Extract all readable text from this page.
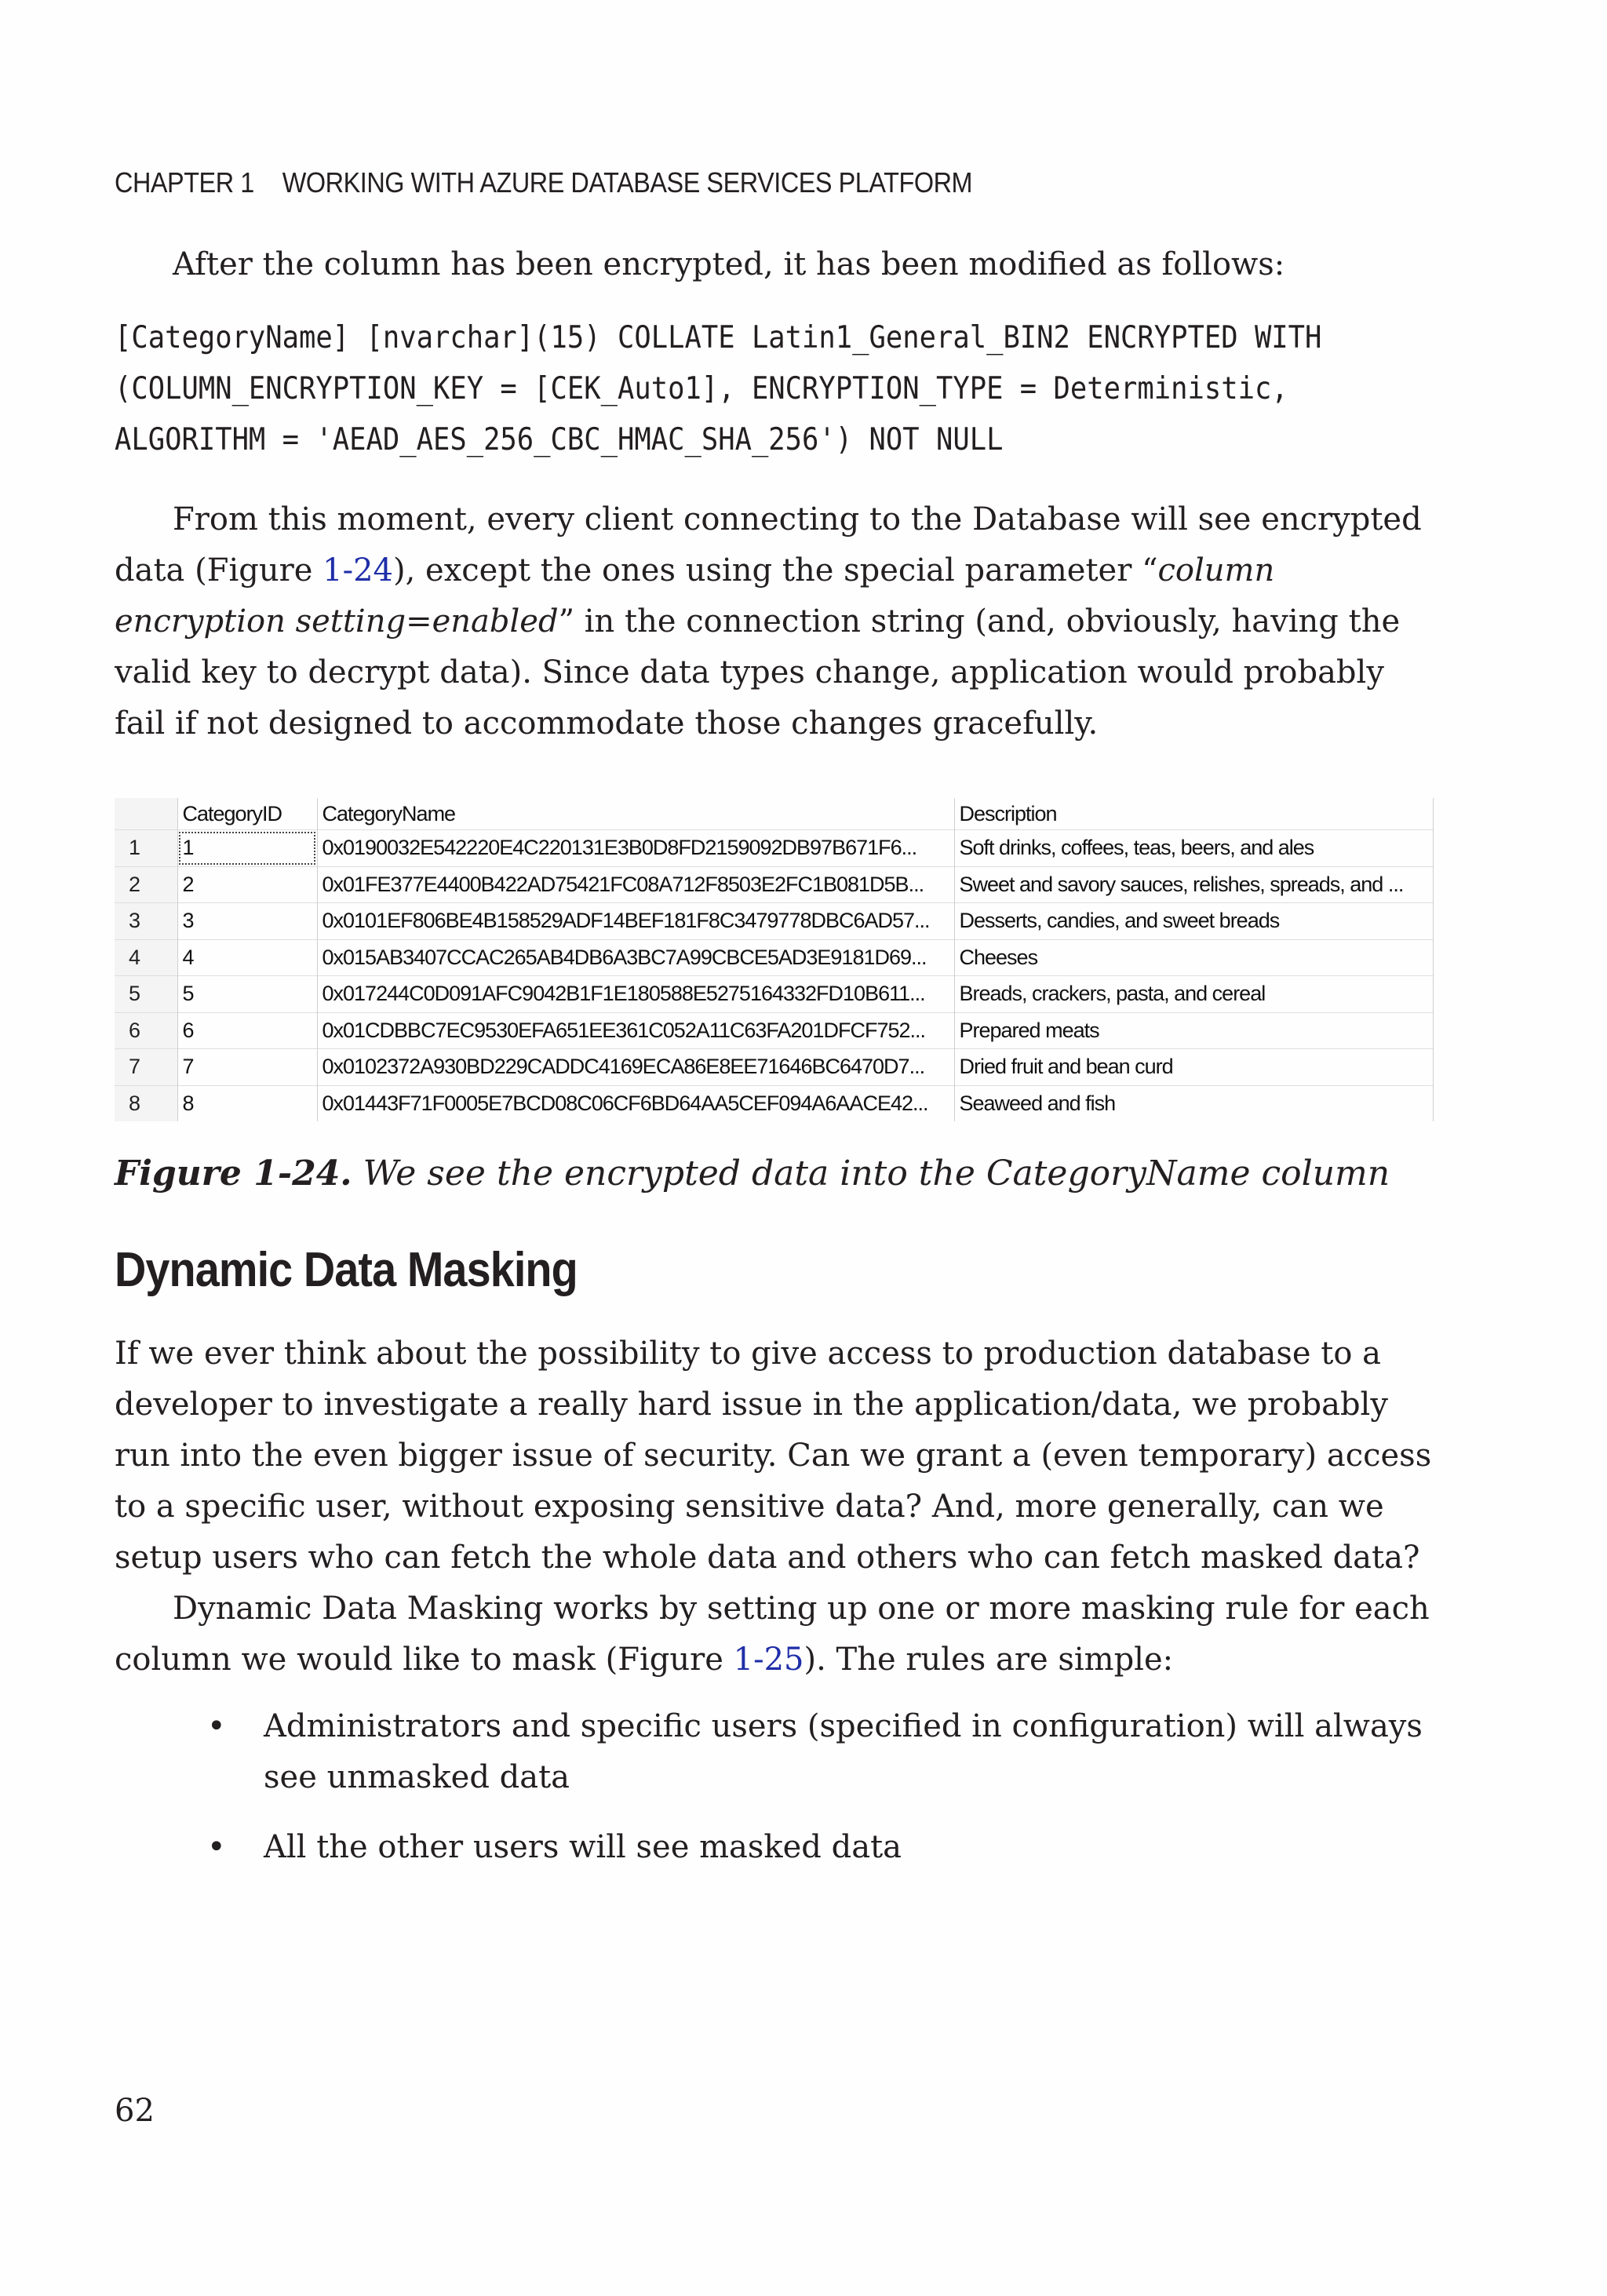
CHAPTER 1 WORKING WITH AZURE DATABASE SERVICES PLATFORM

After the column has been encrypted, it has been modified as follows:

[CategoryName] [nvarchar](15) COLLATE Latin1_General_BIN2 ENCRYPTED WITH
(COLUMN_ENCRYPTION_KEY = [CEK_Auto1], ENCRYPTION_TYPE = Deterministic,
ALGORITHM = 'AEAD_AES_256_CBC_HMAC_SHA_256') NOT NULL

From this moment, every client connecting to the Database will see encrypted data (Figure 1-24), except the ones using the special parameter “column encryption setting=enabled” in the connection string (and, obviously, having the valid key to decrypt data). Since data types change, application would probably fail if not designed to accommodate those changes gracefully.

	CategoryID	CategoryName	Description
1	1	0x0190032E542220E4C220131E3B0D8FD2159092DB97B671F6...	Soft drinks, coffees, teas, beers, and ales
2	2	0x01FE377E4400B422AD75421FC08A712F8503E2FC1B081D5B...	Sweet and savory sauces, relishes, spreads, and ...
3	3	0x0101EF806BE4B158529ADF14BEF181F8C3479778DBC6AD57...	Desserts, candies, and sweet breads
4	4	0x015AB3407CCAC265AB4DB6A3BC7A99CBCE5AD3E9181D69...	Cheeses
5	5	0x017244C0D091AFC9042B1F1E180588E5275164332FD10B611...	Breads, crackers, pasta, and cereal
6	6	0x01CDBBC7EC9530EFA651EE361C052A11C63FA201DFCF752...	Prepared meats
7	7	0x0102372A930BD229CADDC4169ECA86E8EE71646BC6470D7...	Dried fruit and bean curd
8	8	0x01443F71F0005E7BCD08C06CF6BD64AA5CEF094A6AACE42...	Seaweed and fish
Figure 1-24. We see the encrypted data into the CategoryName column
Dynamic Data Masking

If we ever think about the possibility to give access to production database to a developer to investigate a really hard issue in the application/data, we probably run into the even bigger issue of security. Can we grant a (even temporary) access to a specific user, without exposing sensitive data? And, more generally, can we setup users who can fetch the whole data and others who can fetch masked data?

Dynamic Data Masking works by setting up one or more masking rule for each column we would like to mask (Figure 1-25). The rules are simple:

• Administrators and specific users (specified in configuration) will always see unmasked data
• All the other users will see masked data
62
